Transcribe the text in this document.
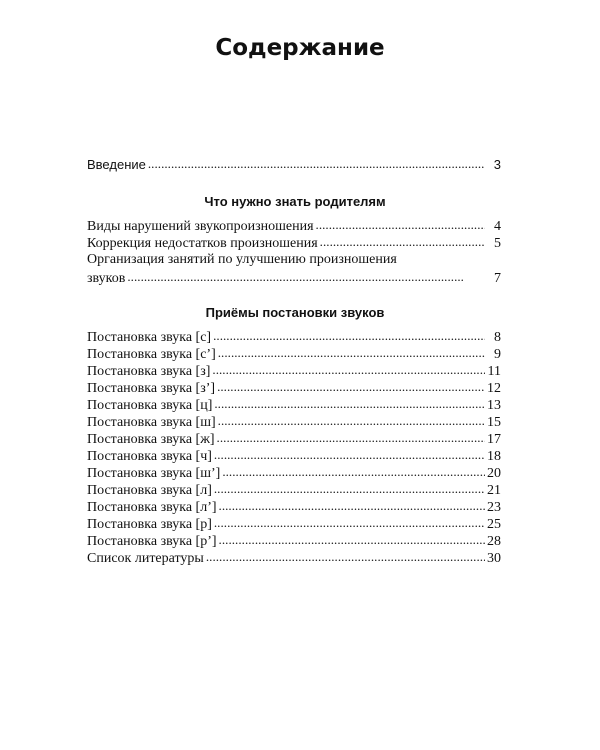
Содержание
Введение . . .	3
Что нужно знать родителям
Виды нарушений звукопроизношения . . .	4
Коррекция недостатков произношения . . .	5
Организация занятий по улучшению произношения
звуков . . .	7
Приёмы постановки звуков
Постановка звука [с] . . .	8
Постановка звука [с’] . . .	9
Постановка звука [з] . . .	11
Постановка звука [з’] . . .	12
Постановка звука [ц] . . .	13
Постановка звука [ш] . . .	15
Постановка звука [ж] . . .	17
Постановка звука [ч] . . .	18
Постановка звука [ш’] . . .	20
Постановка звука [л] . . .	21
Постановка звука [л’] . . .	23
Постановка звука [р] . . .	25
Постановка звука [р’] . . .	28
Список литературы . . .	30
